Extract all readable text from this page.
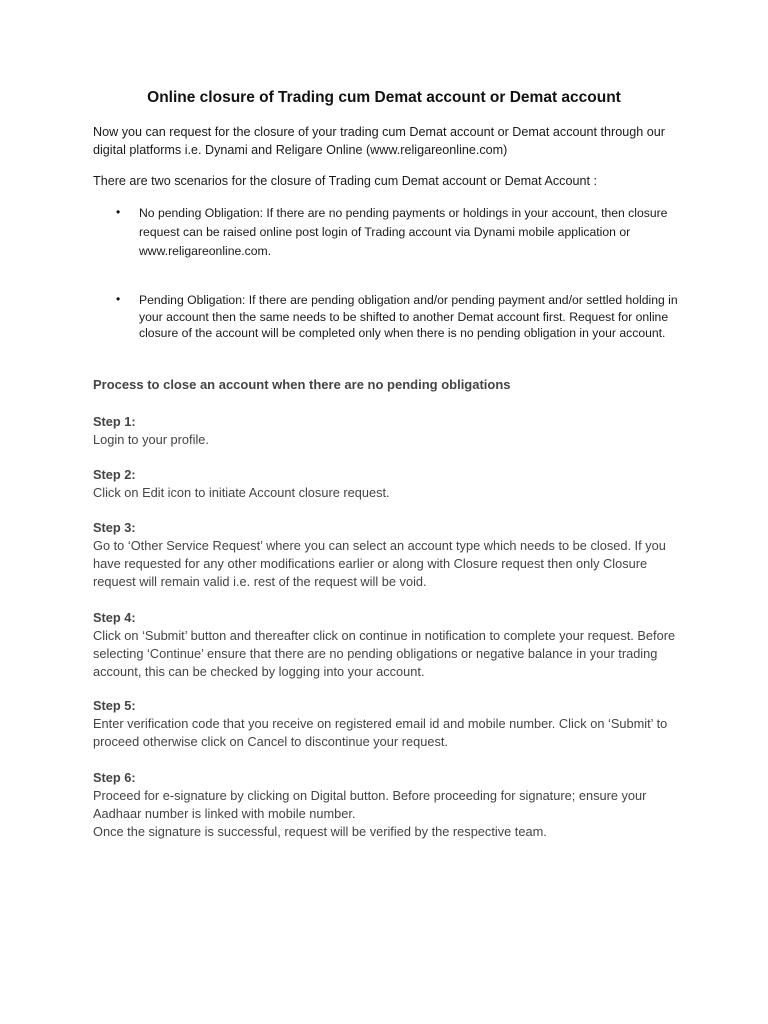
Online closure of Trading cum Demat account or Demat account
Now you can request for the closure of your trading cum Demat account or Demat account through our digital platforms i.e. Dynami and Religare Online (www.religareonline.com)
There are two scenarios for the closure of Trading cum Demat account or Demat Account :
•	No pending Obligation: If there are no pending payments or holdings in your account, then closure request can be raised online post login of Trading account via Dynami mobile application or www.religareonline.com.
•	Pending Obligation: If there are pending obligation and/or pending payment and/or settled holding in your account then the same needs to be shifted to another Demat account first. Request for online closure of the account will be completed only when there is no pending obligation in your account.
Process to close an account when there are no pending obligations
Step 1:
Login to your profile.
Step 2:
Click on Edit icon to initiate Account closure request.
Step 3:
Go to ‘Other Service Request’ where you can select an account type which needs to be closed. If you have requested for any other modifications earlier or along with Closure request then only Closure request will remain valid i.e. rest of the request will be void.
Step 4:
Click on ‘Submit’ button and thereafter click on continue in notification to complete your request. Before selecting ‘Continue’ ensure that there are no pending obligations or negative balance in your trading account, this can be checked by logging into your account.
Step 5:
Enter verification code that you receive on registered email id and mobile number. Click on ‘Submit’ to proceed otherwise click on Cancel to discontinue your request.
Step 6:
Proceed for e-signature by clicking on Digital button. Before proceeding for signature; ensure your Aadhaar number is linked with mobile number.
Once the signature is successful, request will be verified by the respective team.
